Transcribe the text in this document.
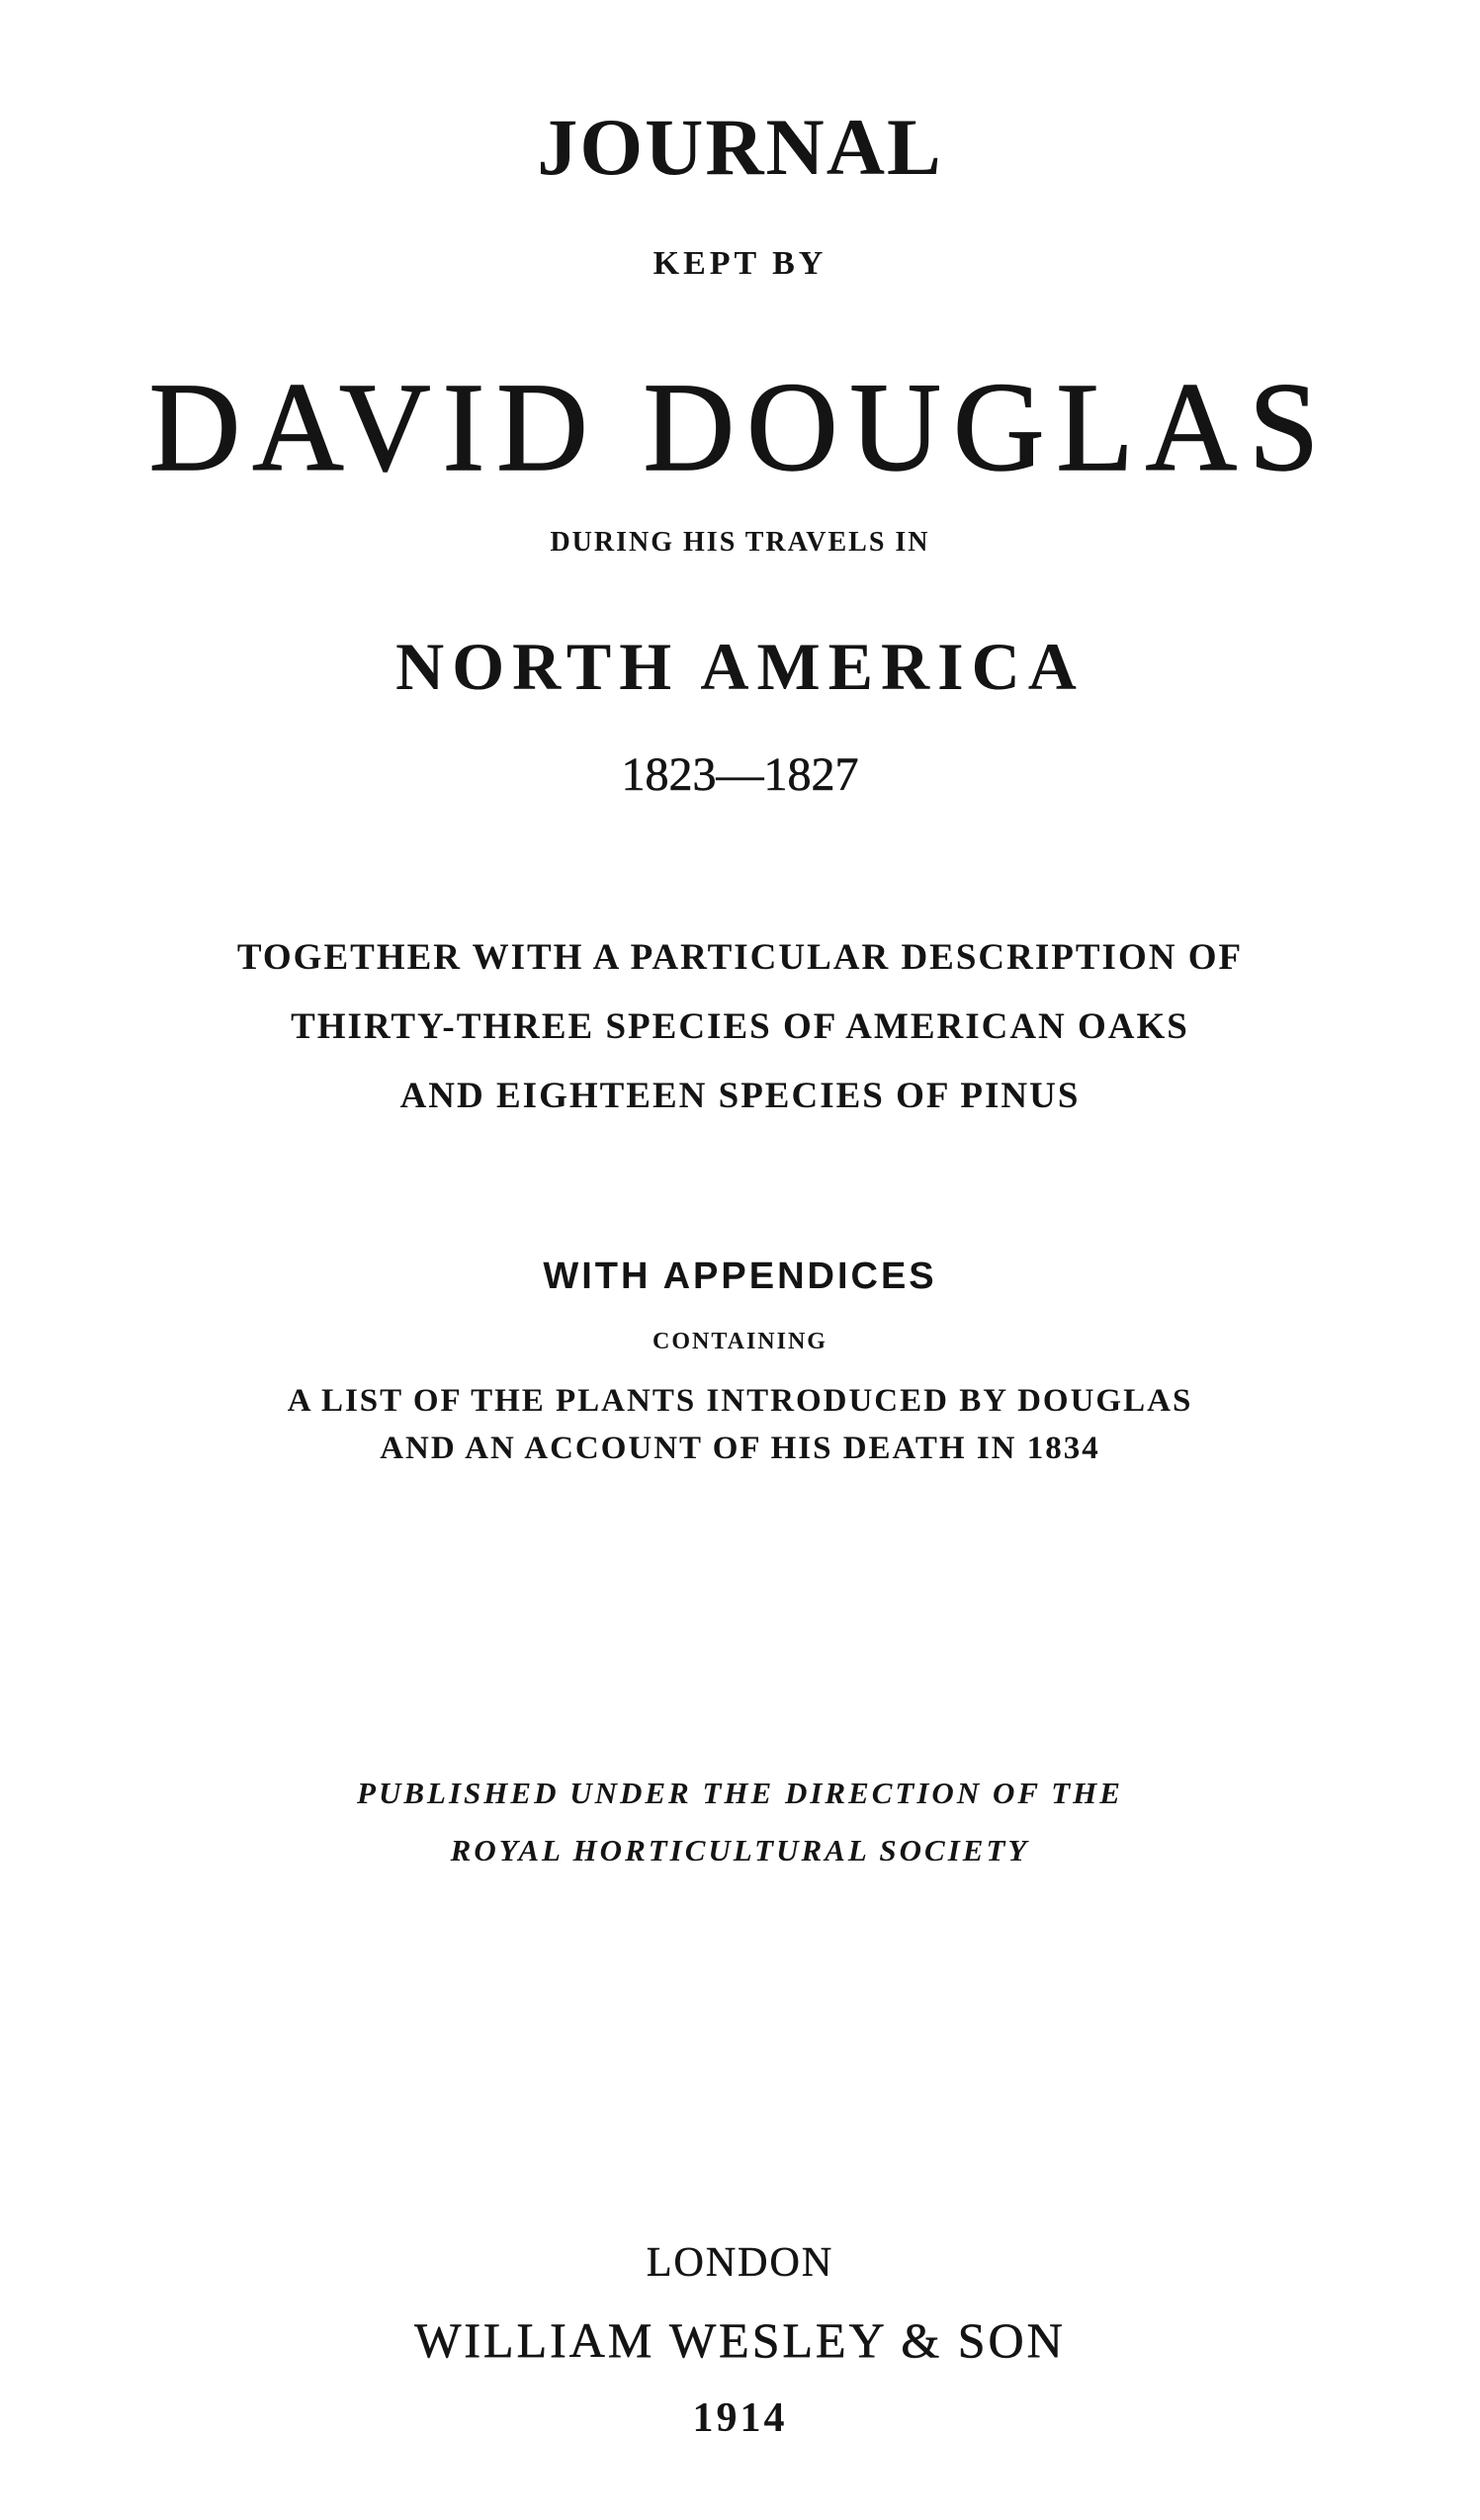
JOURNAL
KEPT BY
DAVID DOUGLAS
DURING HIS TRAVELS IN
NORTH AMERICA
1823—1827
TOGETHER WITH A PARTICULAR DESCRIPTION OF
THIRTY-THREE SPECIES OF AMERICAN OAKS
AND EIGHTEEN SPECIES OF PINUS
WITH APPENDICES
CONTAINING
A LIST OF THE PLANTS INTRODUCED BY DOUGLAS
AND AN ACCOUNT OF HIS DEATH IN 1834
PUBLISHED UNDER THE DIRECTION OF THE
ROYAL HORTICULTURAL SOCIETY
LONDON
WILLIAM WESLEY & SON
1914
